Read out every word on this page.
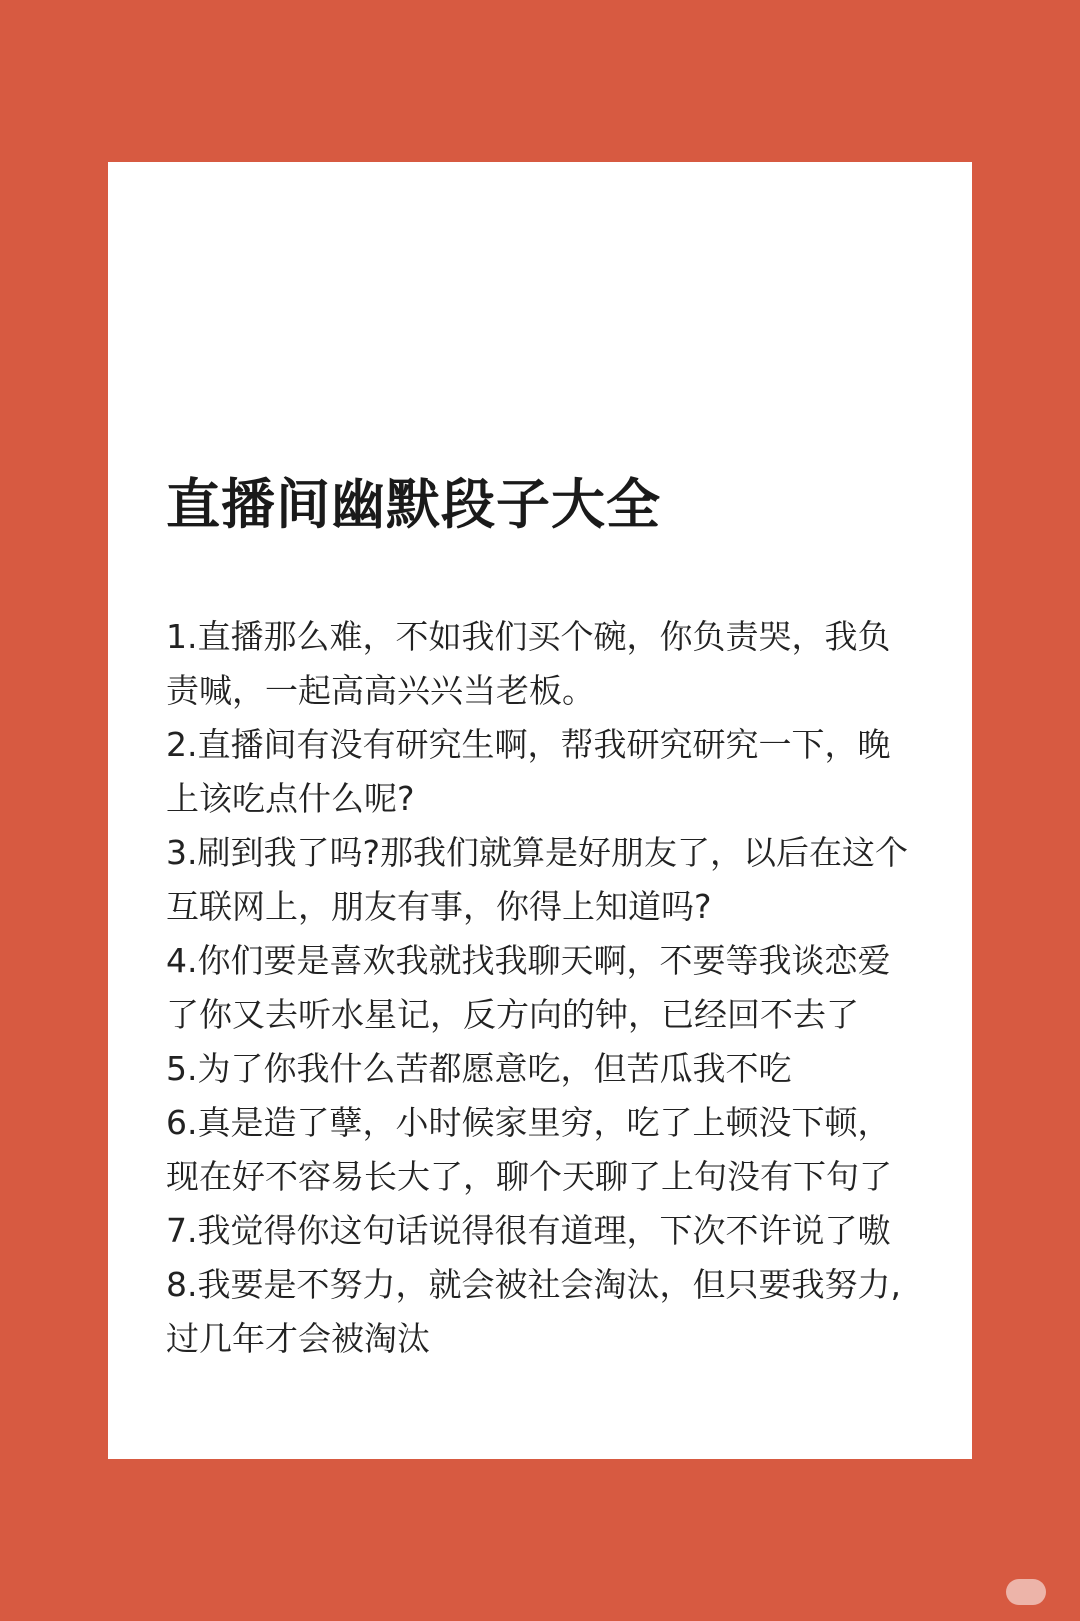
直播间幽默段子大全
1.直播那么难，不如我们买个碗，你负责哭，我负责喊，一起高高兴兴当老板。
2.直播间有没有研究生啊，帮我研究研究一下，晚上该吃点什么呢?
3.刷到我了吗?那我们就算是好朋友了，以后在这个互联网上，朋友有事，你得上知道吗?
4.你们要是喜欢我就找我聊天啊，不要等我谈恋爱了你又去听水星记，反方向的钟，已经回不去了
5.为了你我什么苦都愿意吃，但苦瓜我不吃
6.真是造了孽，小时候家里穷，吃了上顿没下顿，现在好不容易长大了，聊个天聊了上句没有下句了
7.我觉得你这句话说得很有道理，下次不许说了嗷
8.我要是不努力，就会被社会淘汰，但只要我努力,过几年才会被淘汰
